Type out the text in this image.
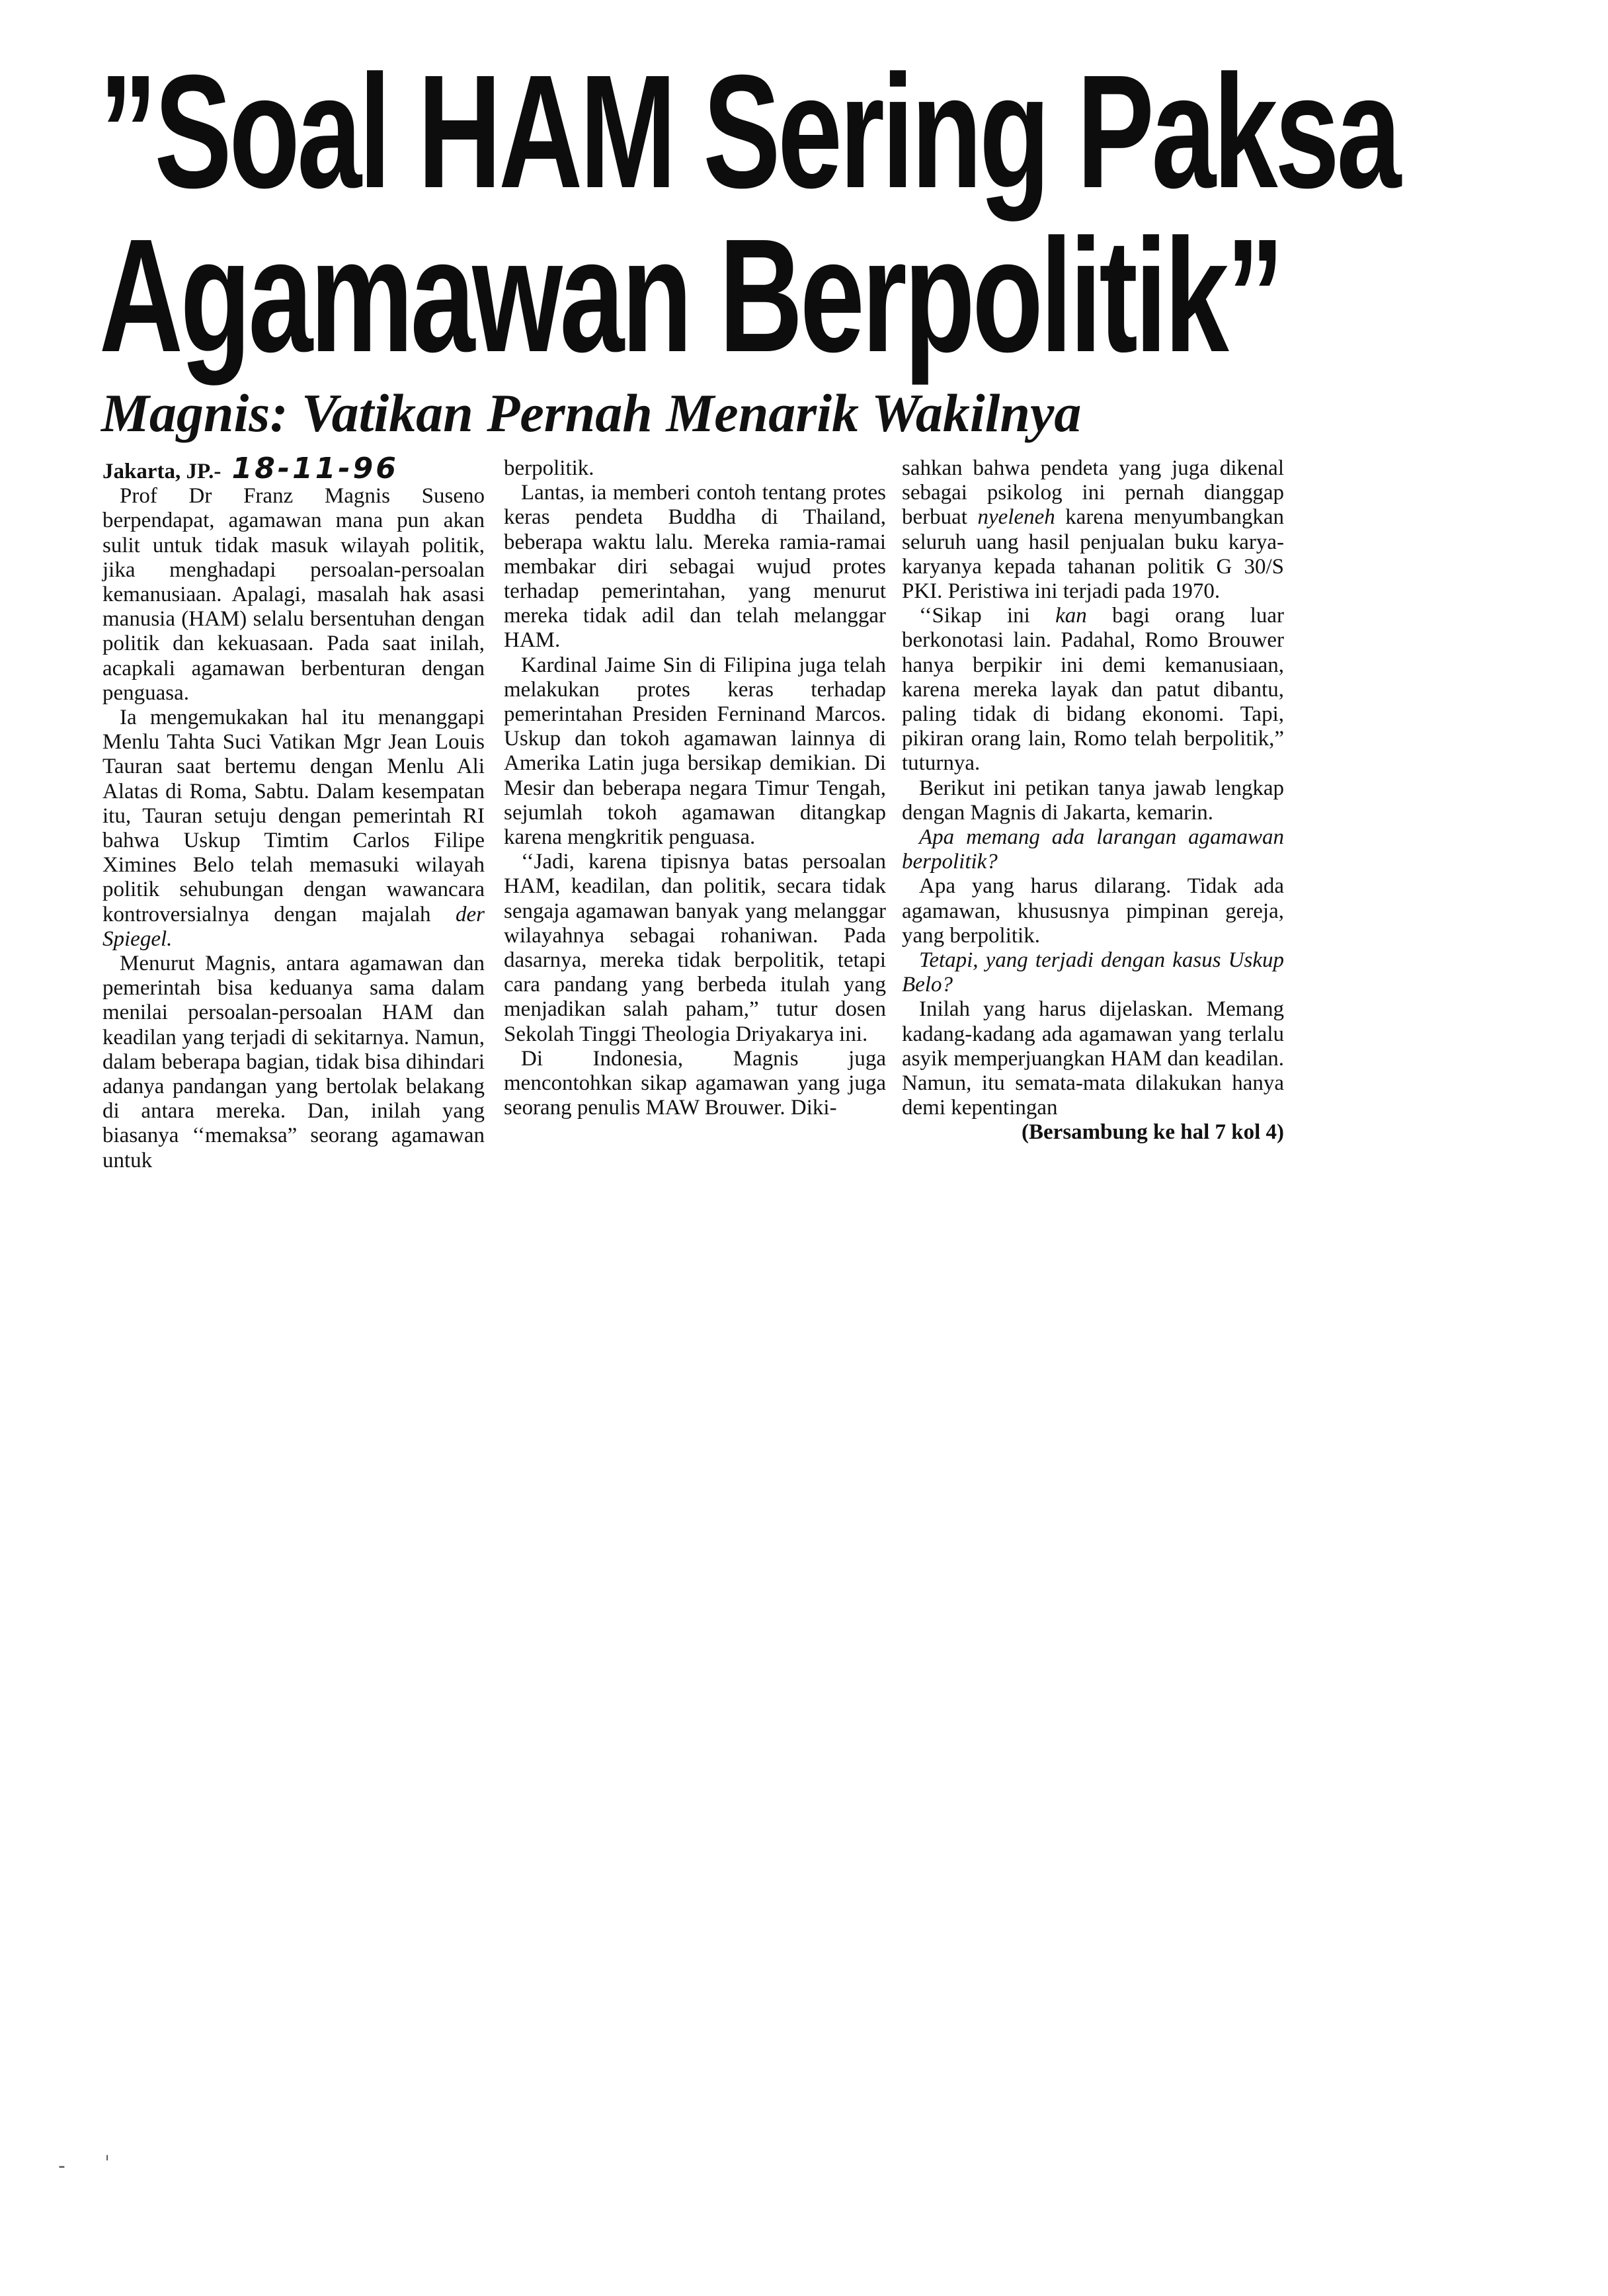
”Soal HAM Sering Paksa
Agamawan Berpolitik”
Magnis: Vatikan Pernah Menarik Wakilnya

Jakarta, JP.- 18-11-96

Prof Dr Franz Magnis Suseno berpendapat, agamawan mana pun akan sulit untuk tidak masuk wilayah politik, jika menghadapi persoalan-persoalan kemanusiaan. Apalagi, masalah hak asasi manusia (HAM) selalu bersentuhan dengan politik dan kekuasaan. Pada saat inilah, acapkali agamawan berbenturan dengan penguasa.

Ia mengemukakan hal itu menanggapi Menlu Tahta Suci Vatikan Mgr Jean Louis Tauran saat bertemu dengan Menlu Ali Alatas di Roma, Sabtu. Dalam kesempatan itu, Tauran setuju dengan pemerintah RI bahwa Uskup Timtim Carlos Filipe Ximines Belo telah memasuki wilayah politik sehubungan dengan wawancara kontroversialnya dengan majalah der Spiegel.

Menurut Magnis, antara agamawan dan pemerintah bisa keduanya sama dalam menilai persoalan-persoalan HAM dan keadilan yang terjadi di sekitarnya. Namun, dalam beberapa bagian, tidak bisa dihindari adanya pandangan yang bertolak belakang di antara mereka. Dan, inilah yang biasanya ‘‘memaksa” seorang agamawan untuk

berpolitik.

Lantas, ia memberi contoh tentang protes keras pendeta Buddha di Thailand, beberapa waktu lalu. Mereka ramia-ramai membakar diri sebagai wujud protes terhadap pemerintahan, yang menurut mereka tidak adil dan telah melanggar HAM.

Kardinal Jaime Sin di Filipina juga telah melakukan protes keras terhadap pemerintahan Presiden Ferninand Marcos. Uskup dan tokoh agamawan lainnya di Amerika Latin juga bersikap demikian. Di Mesir dan beberapa negara Timur Tengah, sejumlah tokoh agamawan ditangkap karena mengkritik penguasa.

‘‘Jadi, karena tipisnya batas persoalan HAM, keadilan, dan politik, secara tidak sengaja agamawan banyak yang melanggar wilayahnya sebagai rohaniwan. Pada dasarnya, mereka tidak berpolitik, tetapi cara pandang yang berbeda itulah yang menjadikan salah paham,” tutur dosen Sekolah Tinggi Theologia Driyakarya ini.

Di Indonesia, Magnis juga mencontohkan sikap agamawan yang juga seorang penulis MAW Brouwer. Diki-

sahkan bahwa pendeta yang juga dikenal sebagai psikolog ini pernah dianggap berbuat nyeleneh karena menyumbangkan seluruh uang hasil penjualan buku karya-karyanya kepada tahanan politik G 30/S PKI. Peristiwa ini terjadi pada 1970.

‘‘Sikap ini kan bagi orang luar berkonotasi lain. Padahal, Romo Brouwer hanya berpikir ini demi kemanusiaan, karena mereka layak dan patut dibantu, paling tidak di bidang ekonomi. Tapi, pikiran orang lain, Romo telah berpolitik,” tuturnya.

Berikut ini petikan tanya jawab lengkap dengan Magnis di Jakarta, kemarin.

Apa memang ada larangan agamawan berpolitik?

Apa yang harus dilarang. Tidak ada agamawan, khususnya pimpinan gereja, yang berpolitik.

Tetapi, yang terjadi dengan kasus Uskup Belo?

Inilah yang harus dijelaskan. Memang kadang-kadang ada agamawan yang terlalu asyik memperjuangkan HAM dan keadilan. Namun, itu semata-mata dilakukan hanya demi kepentingan

(Bersambung ke hal 7 kol 4)

‐ ˈ
